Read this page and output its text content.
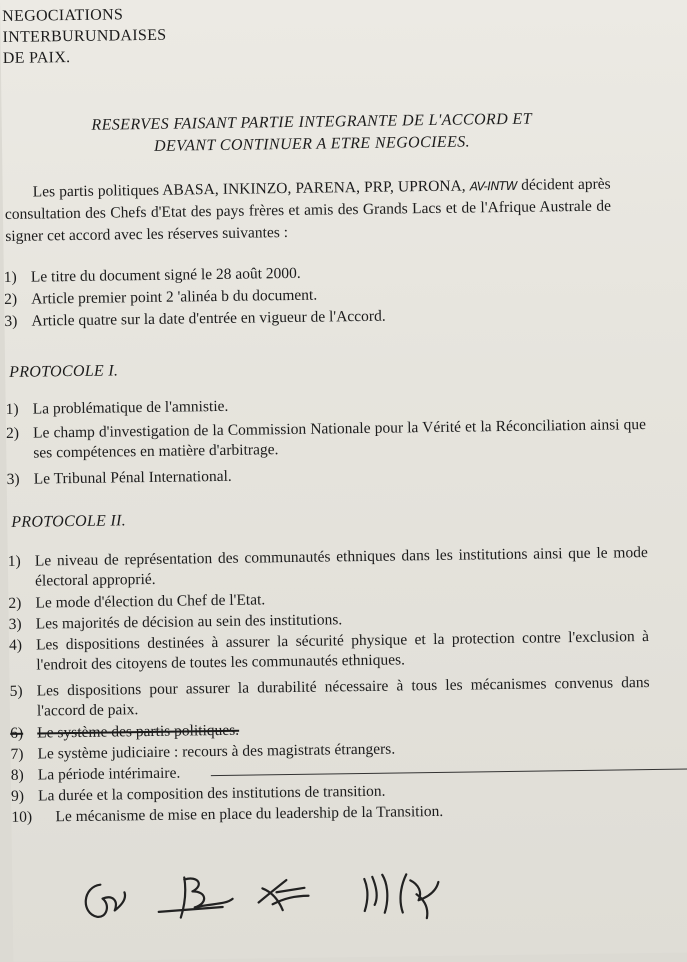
NEGOCIATIONS
INTERBURUNDAISES
DE PAIX.
RESERVES FAISANT PARTIE INTEGRANTE DE L'ACCORD ET
DEVANT CONTINUER A ETRE NEGOCIEES.
Les partis politiques ABASA, INKINZO, PARENA, PRP, UPRONA, AV-INTW décident après consultation des Chefs d'Etat des pays frères et amis des Grands Lacs et de l'Afrique Australe de signer cet accord avec les réserves suivantes :
1) Le titre du document signé le 28 août 2000.
2) Article premier point 2 'alinéa b du document.
3) Article quatre sur la date d'entrée en vigueur de l'Accord.
PROTOCOLE I.
1) La problématique de l'amnistie.
2) Le champ d'investigation de la Commission Nationale pour la Vérité et la Réconciliation ainsi que ses compétences en matière d'arbitrage.
3) Le Tribunal Pénal International.
PROTOCOLE II.
1) Le niveau de représentation des communautés ethniques dans les institutions ainsi que le mode électoral approprié.
2) Le mode d'élection du Chef de l'Etat.
3) Les majorités de décision au sein des institutions.
4) Les dispositions destinées à assurer la sécurité physique et la protection contre l'exclusion à l'endroit des citoyens de toutes les communautés ethniques.
5) Les dispositions pour assurer la durabilité nécessaire à tous les mécanismes convenus dans l'accord de paix.
6) Le système des partis politiques.
7) Le système judiciaire : recours à des magistrats étrangers.
8) La période intérimaire.
9) La durée et la composition des institutions de transition.
10)	Le mécanisme de mise en place du leadership de la Transition.
